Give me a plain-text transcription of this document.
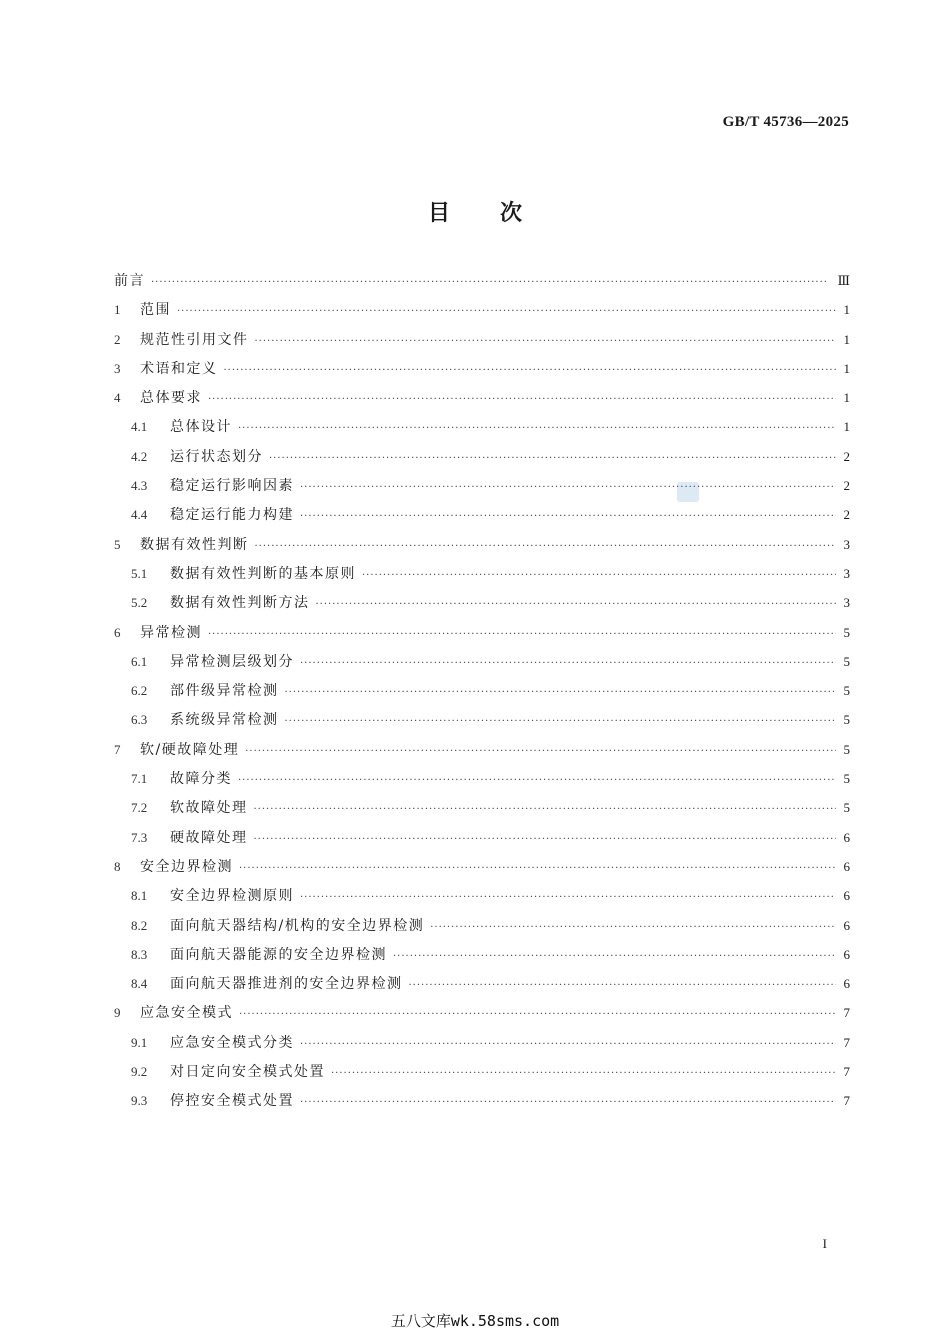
GB/T 45736—2025
目次
前言 ·····	Ⅲ
1	范围 ·····	1
2	规范性引用文件 ·····	1
3	术语和定义 ·····	1
4	总体要求 ·····	1
4.1	总体设计 ·····	1
4.2	运行状态划分 ·····	2
4.3	稳定运行影响因素 ·····	2
4.4	稳定运行能力构建 ·····	2
5	数据有效性判断 ·····	3
5.1	数据有效性判断的基本原则 ·····	3
5.2	数据有效性判断方法 ·····	3
6	异常检测 ·····	5
6.1	异常检测层级划分 ·····	5
6.2	部件级异常检测 ·····	5
6.3	系统级异常检测 ·····	5
7	软/硬故障处理 ·····	5
7.1	故障分类 ·····	5
7.2	软故障处理 ·····	5
7.3	硬故障处理 ·····	6
8	安全边界检测 ·····	6
8.1	安全边界检测原则 ·····	6
8.2	面向航天器结构/机构的安全边界检测 ·····	6
8.3	面向航天器能源的安全边界检测 ·····	6
8.4	面向航天器推进剂的安全边界检测 ·····	6
9	应急安全模式 ·····	7
9.1	应急安全模式分类 ·····	7
9.2	对日定向安全模式处置 ·····	7
9.3	停控安全模式处置 ·····	7
I
五八文库wk.58sms.com
